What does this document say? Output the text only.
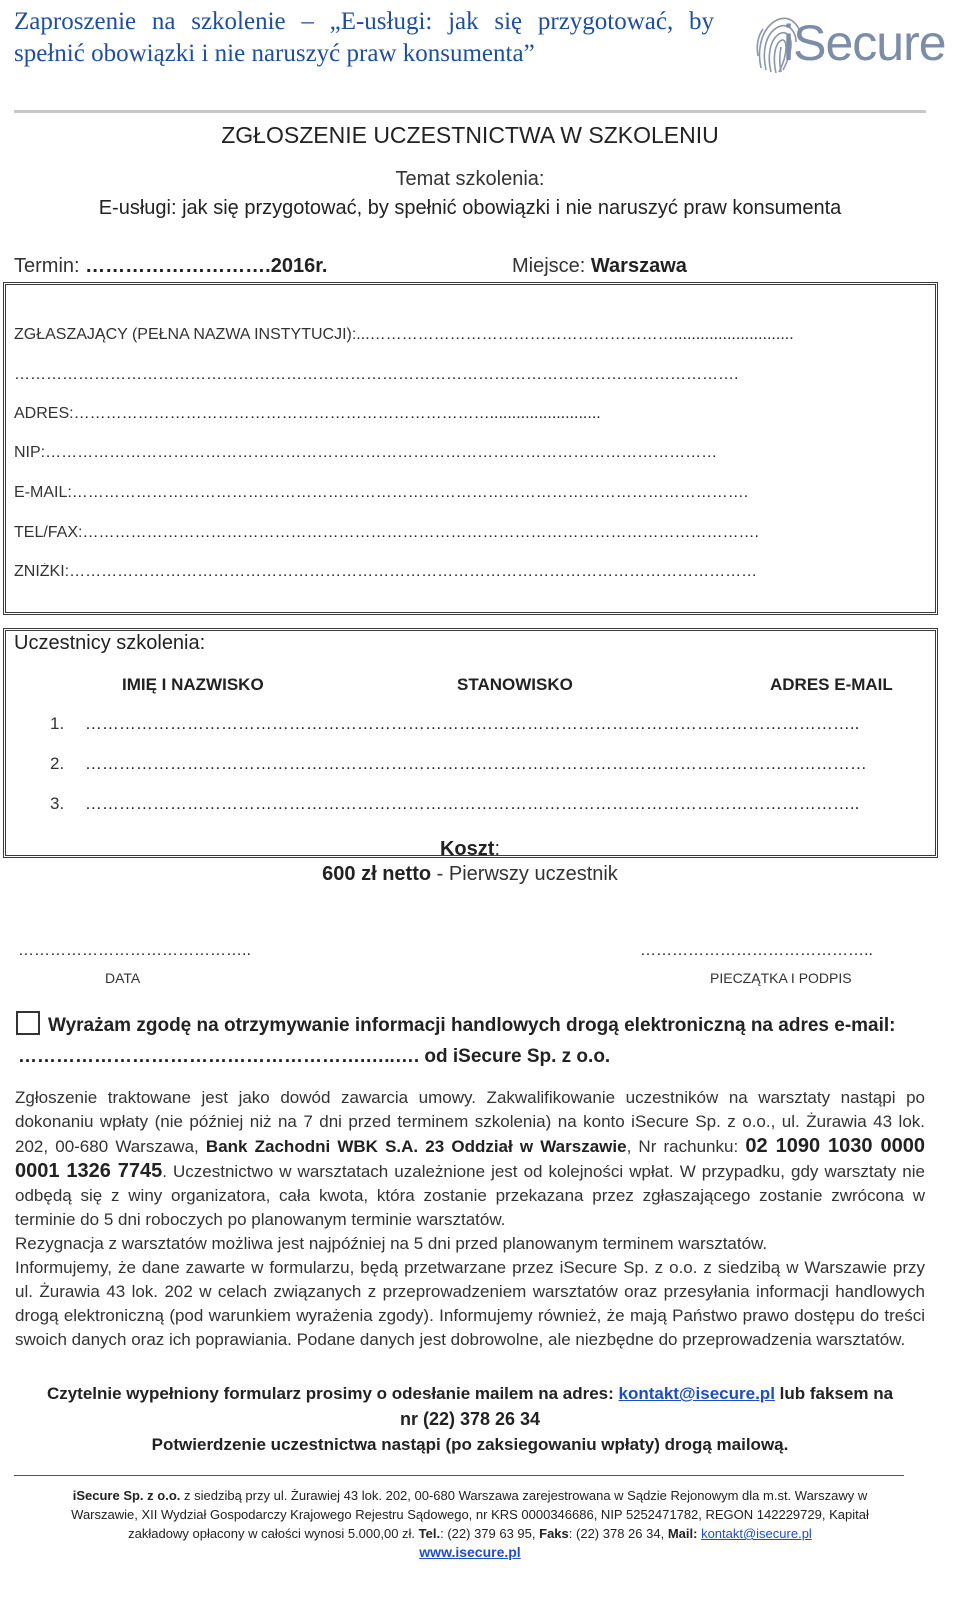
Zaproszenie na szkolenie – „E-usługi: jak się przygotować, by spełnić obowiązki i nie naruszyć praw konsumenta”	iSecure
ZGŁOSZENIE UCZESTNICTWA W SZKOLENIU
Temat szkolenia:
E-usługi: jak się przygotować, by spełnić obowiązki i nie naruszyć praw konsumenta
Termin: ……………………….2016r.	Miejsce: Warszawa
ZGŁASZAJĄCY (PEŁNA NAZWA INSTYTUCJI):...…………………………………………………...........................
……………………………………………………………………………………………………………………….
ADRES:…………………………………………………………………….........................
NIP:………………………………………………………………………………………………………………
E-MAIL:……………………………………………………………………………………………………………….
TEL/FAX:……………………………………………………………………………………………………………….
ZNIŻKI:…………………………………………………………………………………………………………………
Uczestnicy szkolenia:
IMIĘ I NAZWISKO	STANOWISKO	ADRES E-MAIL
1. ………………………………………………………………………………………………………………………..
2. …………………………………………………………………………………………………………………………
3. ………………………………………………………………………………………………………………………..
Koszt:
600 zł netto - Pierwszy uczestnik
……………………………………..	……………………………………..
DATA	PIECZĄTKA I PODPIS
Wyrażam zgodę na otrzymywanie informacji handlowych drogą elektroniczną na adres e-mail:
……………………………………………….…..…. od iSecure Sp. z o.o.
Zgłoszenie traktowane jest jako dowód zawarcia umowy. Zakwalifikowanie uczestników na warsztaty nastąpi po dokonaniu wpłaty (nie później niż na 7 dni przed terminem szkolenia) na konto iSecure Sp. z o.o., ul. Żurawia 43 lok. 202, 00-680 Warszawa, Bank Zachodni WBK S.A. 23 Oddział w Warszawie, Nr rachunku: 02 1090 1030 0000 0001 1326 7745. Uczestnictwo w warsztatach uzależnione jest od kolejności wpłat. W przypadku, gdy warsztaty nie odbędą się z winy organizatora, cała kwota, która zostanie przekazana przez zgłaszającego zostanie zwrócona w terminie do 5 dni roboczych po planowanym terminie warsztatów.
Rezygnacja z warsztatów możliwa jest najpóźniej na 5 dni przed planowanym terminem warsztatów.
Informujemy, że dane zawarte w formularzu, będą przetwarzane przez iSecure Sp. z o.o. z siedzibą w Warszawie przy ul. Żurawia 43 lok. 202 w celach związanych z przeprowadzeniem warsztatów oraz przesyłania informacji handlowych drogą elektroniczną (pod warunkiem wyrażenia zgody). Informujemy również, że mają Państwo prawo dostępu do treści swoich danych oraz ich poprawiania. Podane danych jest dobrowolne, ale niezbędne do przeprowadzenia warsztatów.
Czytelnie wypełniony formularz prosimy o odesłanie mailem na adres: kontakt@isecure.pl lub faksem na
nr (22) 378 26 34
Potwierdzenie uczestnictwa nastąpi (po zaksiegowaniu wpłaty) drogą mailową.
iSecure Sp. z o.o. z siedzibą przy ul. Żurawiej 43 lok. 202, 00-680 Warszawa zarejestrowana w Sądzie Rejonowym dla m.st. Warszawy w
Warszawie, XII Wydział Gospodarczy Krajowego Rejestru Sądowego, nr KRS 0000346686, NIP 5252471782, REGON 142229729, Kapitał
zakładowy opłacony w całości wynosi 5.000,00 zł. Tel.: (22) 379 63 95, Faks: (22) 378 26 34, Mail: kontakt@isecure.pl
www.isecure.pl
